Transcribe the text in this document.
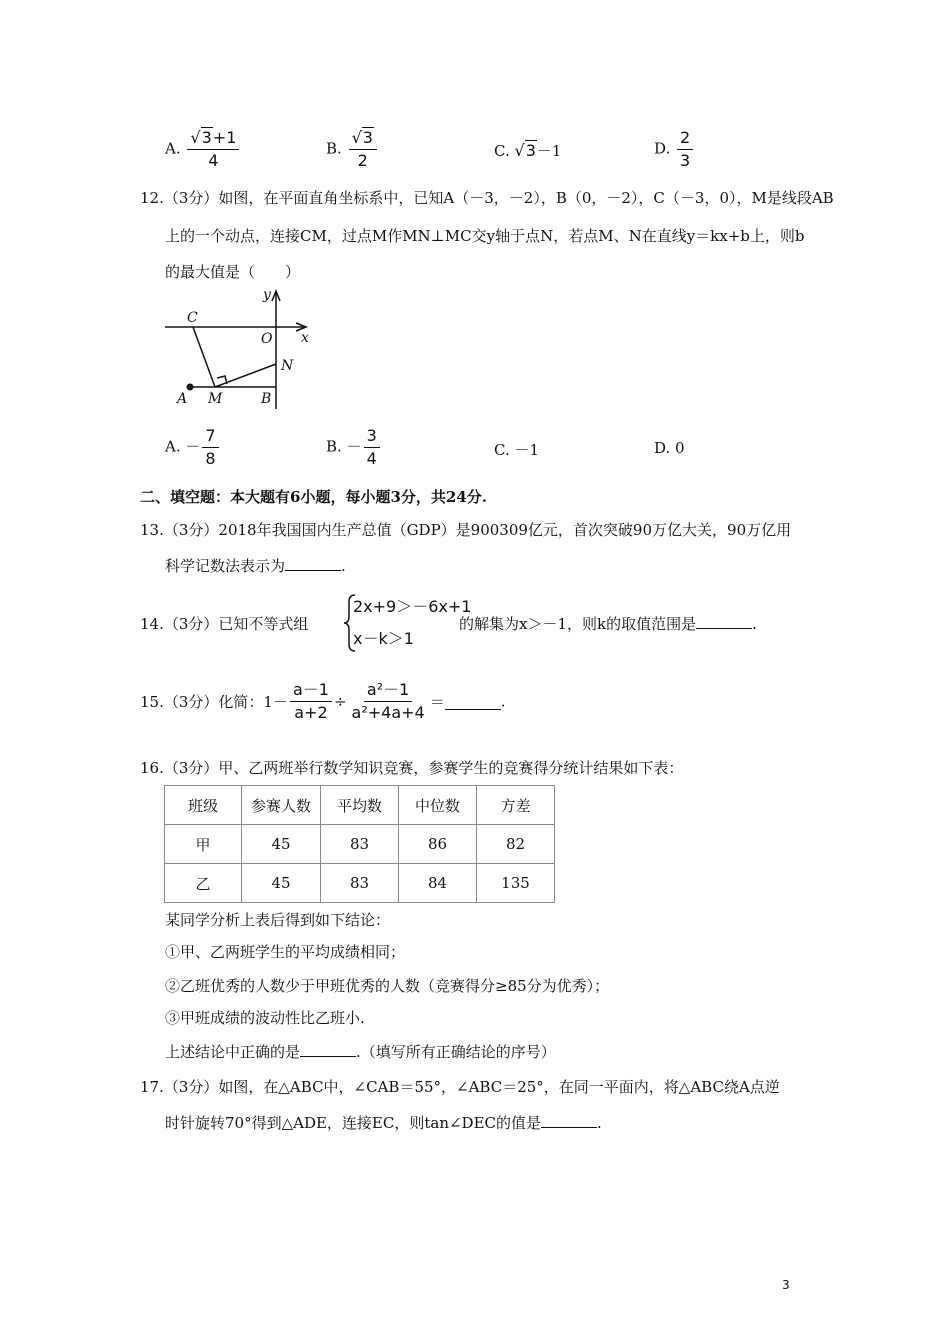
A. $\frac{√3+1}{4}$	B. $\frac{√3}{2}$	C. √3－1	D. $\frac{2}{3}$
12.（3分）如图，在平面直角坐标系中，已知A（－3，－2），B（0，－2），C（－3，0），M是线段AB
上的一个动点，连接CM，过点M作MN⊥MC交y轴于点N，若点M、N在直线y＝kx+b上，则b
的最大值是（　　）
y
x
C
O
N
A M	B
A. － $\frac{7}{8}$	B. － $\frac{3}{4}$	C. －1	D. 0
二、填空题：本大题有6小题，每小题3分，共24分.
13.（3分）2018年我国国内生产总值（GDP）是900309亿元，首次突破90万亿大关，90万亿用
科学记数法表示为	.
14.（3分）已知不等式组
2x+9＞－6x+1
x－k＞1
的解集为x＞－1，则k的取值范围是	.
15.（3分）化简：$1- \frac{a-1}{a+2} \div \frac{\text{a²－1}}{\text{a²+4a+4}}$ ＝	.
16.（3分）甲、乙两班举行数学知识竞赛，参赛学生的竞赛得分统计结果如下表：
班级	参赛人数	平均数	中位数	方差
甲	45	83	86	82
乙	45	83	84	135
某同学分析上表后得到如下结论：
①甲、乙两班学生的平均成绩相同；
②乙班优秀的人数少于甲班优秀的人数（竞赛得分≥85分为优秀）；
③甲班成绩的波动性比乙班小.
上述结论中正确的是	.（填写所有正确结论的序号）
17.（3分）如图，在△ABC中，∠CAB＝55°，∠ABC＝25°，在同一平面内，将△ABC绕A点逆
时针旋转70°得到△ADE，连接EC，则tan∠DEC的值是	.
3
